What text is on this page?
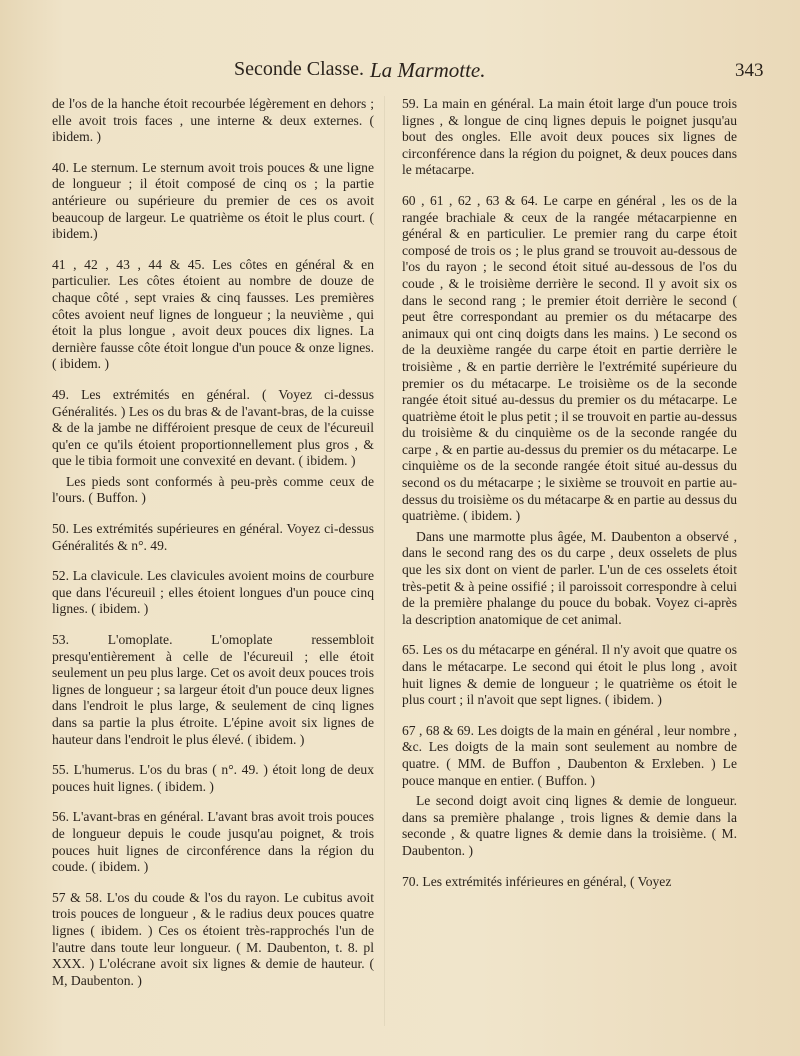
Seconde Classe. La Marmotte.	343

de l'os de la hanche étoit recourbée légèrement en dehors ; elle avoit trois faces , une interne & deux externes. ( ibidem. )

40. Le sternum. Le sternum avoit trois pouces & une ligne de longueur ; il étoit composé de cinq os ; la partie antérieure ou supérieure du premier de ces os avoit beaucoup de largeur. Le quatrième os étoit le plus court. ( ibidem.)

41 , 42 , 43 , 44 & 45. Les côtes en général & en particulier. Les côtes étoient au nombre de douze de chaque côté , sept vraies & cinq fausses. Les premières côtes avoient neuf lignes de longueur ; la neuvième , qui étoit la plus longue , avoit deux pouces dix lignes. La dernière fausse côte étoit longue d'un pouce & onze lignes. ( ibidem. )

49. Les extrémités en général. ( Voyez ci-dessus Généralités. ) Les os du bras & de l'avant-bras, de la cuisse & de la jambe ne différoient presque de ceux de l'écureuil qu'en ce qu'ils étoient proportionnellement plus gros , & que le tibia formoit une convexité en devant. ( ibidem. )

Les pieds sont conformés à peu-près comme ceux de l'ours. ( Buffon. )

50. Les extrémités supérieures en général. Voyez ci-dessus Généralités & n°. 49.

52. La clavicule. Les clavicules avoient moins de courbure que dans l'écureuil ; elles étoient longues d'un pouce cinq lignes. ( ibidem. )

53. L'omoplate. L'omoplate ressembloit presqu'entièrement à celle de l'écureuil ; elle étoit seulement un peu plus large. Cet os avoit deux pouces trois lignes de longueur ; sa largeur étoit d'un pouce deux lignes dans l'endroit le plus large, & seulement de cinq lignes dans sa partie la plus étroite. L'épine avoit six lignes de hauteur dans l'endroit le plus élevé. ( ibidem. )

55. L'humerus. L'os du bras ( n°. 49. ) étoit long de deux pouces huit lignes. ( ibidem. )

56. L'avant-bras en général. L'avant bras avoit trois pouces de longueur depuis le coude jusqu'au poignet, & trois pouces huit lignes de circonférence dans la région du coude. ( ibidem. )

57 & 58. L'os du coude & l'os du rayon. Le cubitus avoit trois pouces de longueur , & le radius deux pouces quatre lignes ( ibidem. ) Ces os étoient très-rapprochés l'un de l'autre dans toute leur longueur. ( M. Daubenton, t. 8. pl XXX. ) L'olécrane avoit six lignes & demie de hauteur. ( M, Daubenton. )

59. La main en général. La main étoit large d'un pouce trois lignes , & longue de cinq lignes depuis le poignet jusqu'au bout des ongles. Elle avoit deux pouces six lignes de circonférence dans la région du poignet, & deux pouces dans le métacarpe.

60 , 61 , 62 , 63 & 64. Le carpe en général , les os de la rangée brachiale & ceux de la rangée métacarpienne en général & en particulier. Le premier rang du carpe étoit composé de trois os ; le plus grand se trouvoit au-dessous de l'os du rayon ; le second étoit situé au-dessous de l'os du coude , & le troisième derrière le second. Il y avoit six os dans le second rang ; le premier étoit derrière le second ( peut être correspondant au premier os du métacarpe des animaux qui ont cinq doigts dans les mains. ) Le second os de la deuxième rangée du carpe étoit en partie derrière le troisième , & en partie derrière le l'extrémité supérieure du premier os du métacarpe. Le troisième os de la seconde rangée étoit situé au-dessus du premier os du métacarpe. Le quatrième étoit le plus petit ; il se trouvoit en partie au-dessus du troisième & du cinquième os de la seconde rangée du carpe , & en partie au-dessus du premier os du métacarpe. Le cinquième os de la seconde rangée étoit situé au-dessus du second os du métacarpe ; le sixième se trouvoit en partie au-dessus du troisième os du métacarpe & en partie au dessus du quatrième. ( ibidem. )

Dans une marmotte plus âgée, M. Daubenton a observé , dans le second rang des os du carpe , deux osselets de plus que les six dont on vient de parler. L'un de ces osselets étoit très-petit & à peine ossifié ; il paroissoit correspondre à celui de la première phalange du pouce du bobak. Voyez ci-après la description anatomique de cet animal.

65. Les os du métacarpe en général. Il n'y avoit que quatre os dans le métacarpe. Le second qui étoit le plus long , avoit huit lignes & demie de longueur ; le quatrième os étoit le plus court ; il n'avoit que sept lignes. ( ibidem. )

67 , 68 & 69. Les doigts de la main en général , leur nombre , &c. Les doigts de la main sont seulement au nombre de quatre. ( MM. de Buffon , Daubenton & Erxleben. ) Le pouce manque en entier. ( Buffon. )

Le second doigt avoit cinq lignes & demie de longueur. dans sa première phalange , trois lignes & demie dans la seconde , & quatre lignes & demie dans la troisième. ( M. Daubenton. )

70. Les extrémités inférieures en général, ( Voyez
